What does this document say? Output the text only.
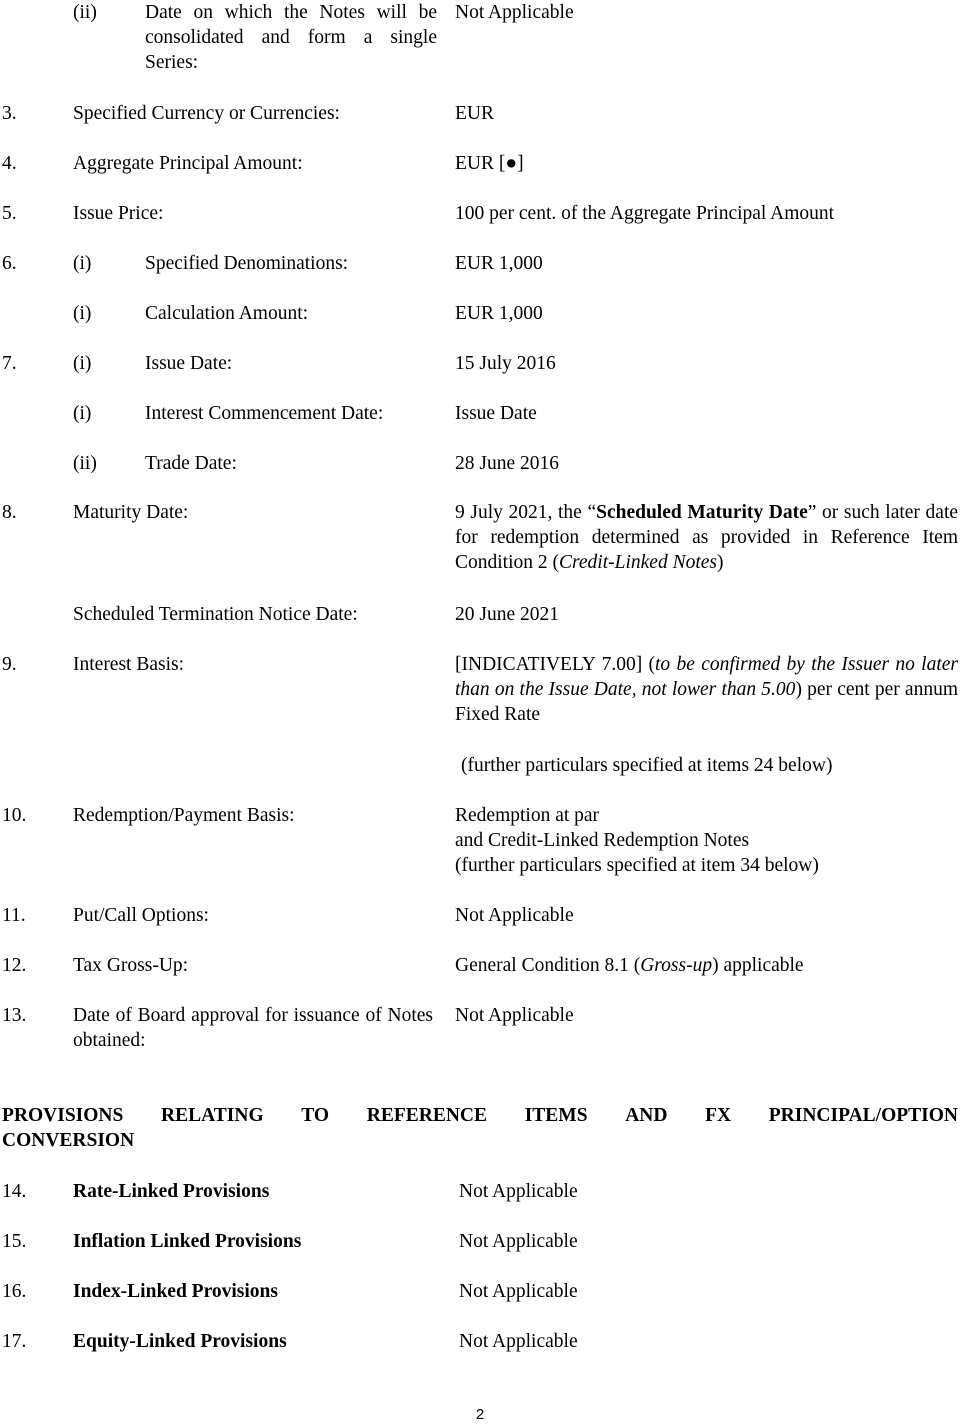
(ii) Date on which the Notes will be consolidated and form a single Series:
Not Applicable
3.	Specified Currency or Currencies:	EUR
4.	Aggregate Principal Amount:	EUR [●]
5.	Issue Price:	100 per cent. of the Aggregate Principal Amount
6.	(i)	Specified Denominations:	EUR 1,000
(i)	Calculation Amount:	EUR 1,000
7.	(i)	Issue Date:	15 July 2016
(i)	Interest Commencement Date:	Issue Date
(ii) Trade Date:	28 June 2016
8.	Maturity Date:	9 July 2021, the “Scheduled Maturity Date” or such later date for redemption determined as provided in Reference Item Condition 2 (Credit-Linked Notes)
Scheduled Termination Notice Date:	20 June 2021
9.	Interest Basis:	[INDICATIVELY 7.00] (to be confirmed by the Issuer no later than on the Issue Date, not lower than 5.00) per cent per annum Fixed Rate
(further particulars specified at items 24 below)
10. Redemption/Payment Basis:	Redemption at par
and Credit-Linked Redemption Notes
(further particulars specified at item 34 below)
11. Put/Call Options:	Not Applicable
12. Tax Gross-Up:	General Condition 8.1 (Gross-up) applicable
13. Date of Board approval for issuance of Notes obtained:
Not Applicable
PROVISIONS RELATING TO REFERENCE ITEMS AND FX PRINCIPAL/OPTION
CONVERSION
14. Rate-Linked Provisions	Not Applicable
15. Inflation Linked Provisions	Not Applicable
16. Index-Linked Provisions	Not Applicable
17. Equity-Linked Provisions	Not Applicable
2
